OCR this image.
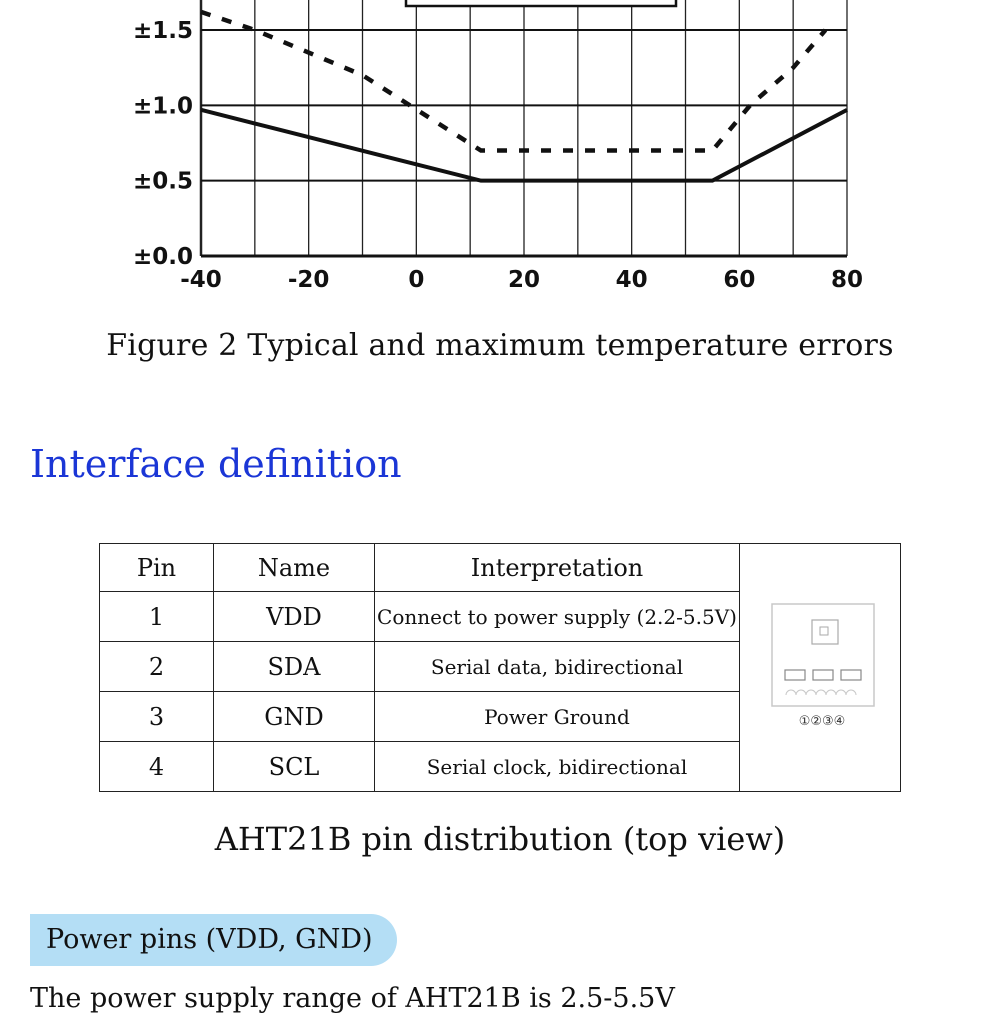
±0.0
±0.5
±1.0
±1.5
-40	-20	0	20	40	60	80
Figure 2 Typical and maximum temperature errors
Interface definition
Pin	Name	Interpretation	①②③④

1	VDD	Connect to power supply (2.2-5.5V)	
2	SDA	Serial data, bidirectional	
3	GND	Power Ground	
4	SCL	Serial clock, bidirectional	
AHT21B pin distribution (top view)
Power pins (VDD, GND)
The power supply range of AHT21B is 2.5-5.5V
